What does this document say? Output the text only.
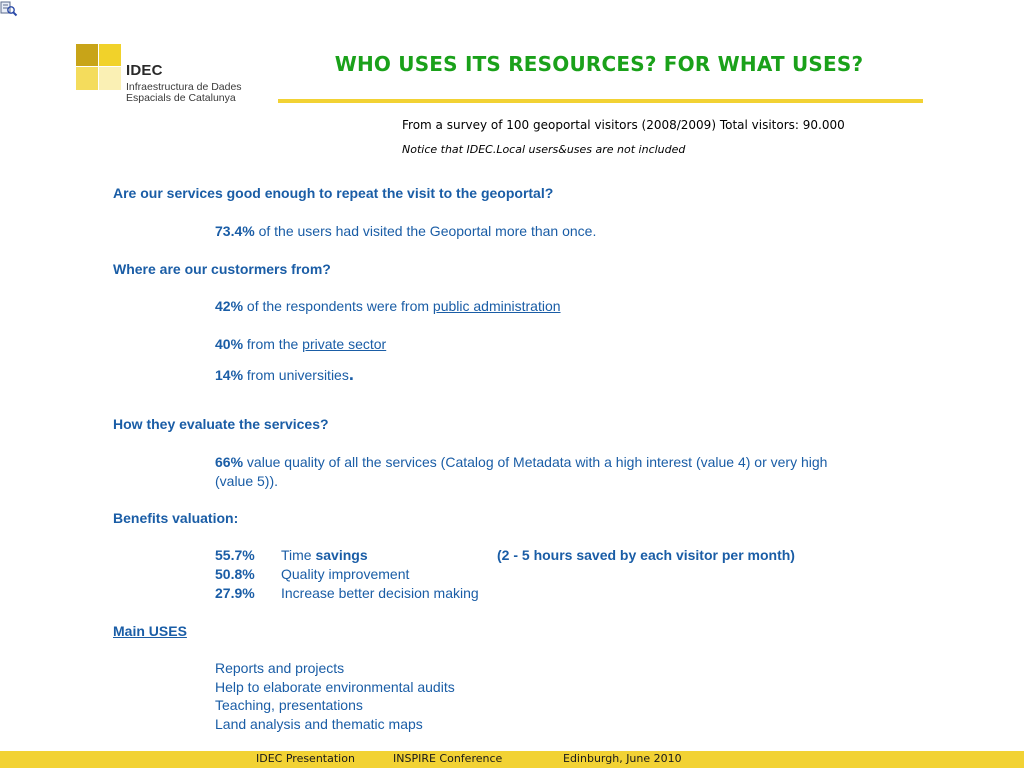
IDEC
Infraestructura de Dades
Espacials de Catalunya
WHO USES ITS RESOURCES? FOR WHAT USES?
From a survey of 100 geoportal visitors (2008/2009) Total visitors: 90.000
Notice that IDEC.Local users&uses are not included
Are our services good enough to repeat the visit to the geoportal?
73.4% of the users had visited the Geoportal more than once.
Where are our custormers from?
42% of the respondents were from public administration
40% from the private sector
14% from universities.
How they evaluate the services?
66% value quality of all the services (Catalog of Metadata with a high interest (value 4) or very high
(value 5)).
Benefits valuation:
55.7% Time savings	(2 - 5 hours saved by each visitor per month)
50.8% Quality improvement
27.9% Increase better decision making
Main USES
Reports and projects
Help to elaborate environmental audits
Teaching, presentations
Land analysis and thematic maps
IDEC Presentation	INSPIRE Conference	Edinburgh, June 2010
